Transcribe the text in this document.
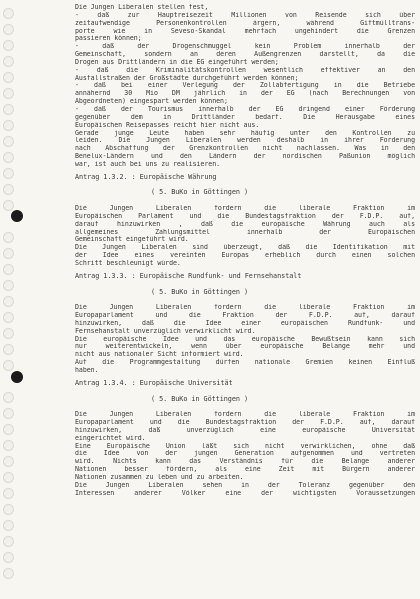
Die Jungen Liberalen stellen fest,
- daß zur Hauptreisezeit Millionen von Reisende sich über
zeitaufwendige Personenkontrollen ärgern, während Giftmülltrans-
porte wie in Seveso-Skandal mehrfach ungehindert die Grenzen
passieren können;
- daß der Drogenschmuggel kein Problem innerhalb der
Gemeinschaft, sondern an deren Außengrenzen darstellt, da die
Drogen aus Drittländern in die EG eingeführt werden;
- daß die Kriminalitätskontrollen wesentlich effektiver an den
Ausfallstraßen der Großstädte durchgeführt werden können;
- daß bei einer Verlegung der Zollabfertigung in die Betriebe
annähernd 30 Mio DM jährlich in der EG (nach Berechnungen von
Abgeordneten) eingespart werden können;
- daß der Tourismus innerhalb der EG dringend einer Förderung
gegenüber dem in Drittländer bedarf. Die Herausgabe eines
Europäischen Reisepasses reicht hier nicht aus.
Gerade junge Leute haben sehr häufig unter den Kontrollen zu
leiden. Die Jungen Liberalen werden deshalb in ihrer Forderung
nach Abschaffung der Grenzkontrollen nicht nachlassen. Was in den
Benelux-Ländern und den Ländern der nordischen Paßunion möglich
war, ist auch bei uns zu realisieren.
Antrag 1.3.2. : Europäische Währung
( 5. BuKo in Göttingen )
Die Jungen Liberalen fordern die liberale Fraktion im
Europäischen Parlament und die Bundestagsfraktion der F.D.P. auf,
darauf hinzuwirken , daß die europäische Währung auch als
allgemeines Zahlungsmittel innerhalb der Europäischen
Gemeinschaft eingeführt wird.
Die Jungen Liberalen sind überzeugt, daß die Identifikation mit
der Idee eines vereinten Europas erheblich durch einen solchen
Schritt beschleunigt würde.
Antrag 1.3.3. : Europäische Rundfunk- und Fernsehanstalt
( 5. BuKo in Göttingen )
Die Jungen Liberalen fordern die liberale Fraktion im
Europaparlament und die Fraktion der F.D.P. auf, darauf
hinzuwirken, daß die Idee einer europäischen Rundfunk- und
Fernsehanstalt unverzüglich verwirklicht wird.
Die europäische Idee und das europäische Bewußtsein kann sich
nur weiterentwickeln, wenn über europäische Belange mehr und
nicht aus nationaler Sicht informiert wird.
Auf die Programmgestaltung dürfen nationale Gremien keinen Einfluß
haben.
Antrag 1.3.4. : Europäische Universität
( 5. BuKo in Göttingen )
Die Jungen Liberalen fordern die liberale Fraktion im
Europaparlament und die Bundestagsfraktion der F.D.P. auf, darauf
hinzuwirken, daß unverzüglich eine europäische Universität
eingerichtet wird.
Eine Europäische Union läßt sich nicht verwirklichen, ohne daß
die Idee von der jungen Generation aufgenommen und vertreten
wird. Nichts kann das Verständnis für die Belange anderer
Nationen besser fördern, als eine Zeit mit Bürgern anderer
Nationen zusammen zu leben und zu arbeiten.
Die Jungen Liberalen sehen in der Toleranz gegenüber den
Interessen anderer Völker eine der wichtigsten Voraussetzungen
